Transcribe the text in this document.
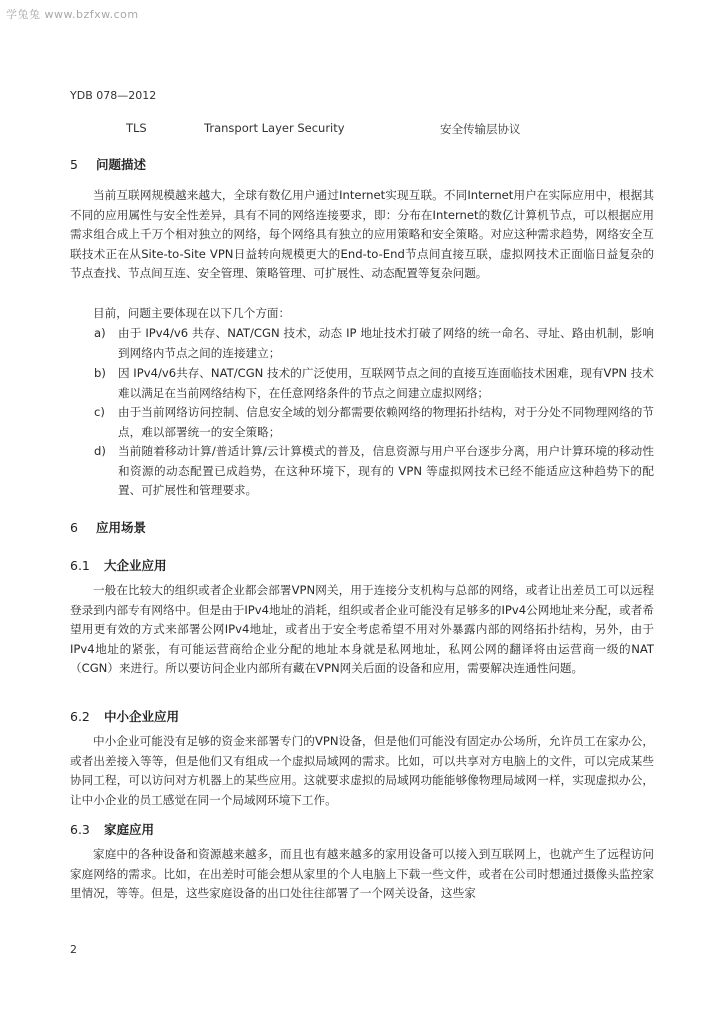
学兔兔 www.bzfxw.com
YDB 078—2012
TLS	Transport Layer Security	安全传输层协议
5 问题描述

当前互联网规模越来越大，全球有数亿用户通过Internet实现互联。不同Internet用户在实际应用中，根据其不同的应用属性与安全性差异，具有不同的网络连接要求，即：分布在Internet的数亿计算机节点，可以根据应用需求组合成上千万个相对独立的网络，每个网络具有独立的应用策略和安全策略。对应这种需求趋势，网络安全互联技术正在从Site-to-Site VPN日益转向规模更大的End-to-End节点间直接互联，虚拟网技术正面临日益复杂的节点查找、节点间互连、安全管理、策略管理、可扩展性、动态配置等复杂问题。

目前，问题主要体现在以下几个方面：

a) 由于 IPv4/v6 共存、NAT/CGN 技术，动态 IP 地址技术打破了网络的统一命名、寻址、路由机制，影响到网络内节点之间的连接建立；
b) 因 IPv4/v6共存、NAT/CGN 技术的广泛使用，互联网节点之间的直接互连面临技术困难，现有VPN 技术难以满足在当前网络结构下，在任意网络条件的节点之间建立虚拟网络；
c) 由于当前网络访问控制、信息安全域的划分都需要依赖网络的物理拓扑结构，对于分处不同物理网络的节点，难以部署统一的安全策略；
d) 当前随着移动计算/普适计算/云计算模式的普及，信息资源与用户平台逐步分离，用户计算环境的移动性和资源的动态配置已成趋势，在这种环境下，现有的 VPN 等虚拟网技术已经不能适应这种趋势下的配置、可扩展性和管理要求。
6 应用场景
6.1 大企业应用

一般在比较大的组织或者企业都会部署VPN网关，用于连接分支机构与总部的网络，或者让出差员工可以远程登录到内部专有网络中。但是由于IPv4地址的消耗，组织或者企业可能没有足够多的IPv4公网地址来分配，或者希望用更有效的方式来部署公网IPv4地址，或者出于安全考虑希望不用对外暴露内部的网络拓扑结构，另外，由于IPv4地址的紧张，有可能运营商给企业分配的地址本身就是私网地址，私网公网的翻译将由运营商一级的NAT（CGN）来进行。所以要访问企业内部所有藏在VPN网关后面的设备和应用，需要解决连通性问题。

6.2 中小企业应用

中小企业可能没有足够的资金来部署专门的VPN设备，但是他们可能没有固定办公场所，允许员工在家办公，或者出差接入等等，但是他们又有组成一个虚拟局域网的需求。比如，可以共享对方电脑上的文件，可以完成某些协同工程，可以访问对方机器上的某些应用。这就要求虚拟的局域网功能能够像物理局域网一样，实现虚拟办公，让中小企业的员工感觉在同一个局域网环境下工作。

6.3 家庭应用

家庭中的各种设备和资源越来越多，而且也有越来越多的家用设备可以接入到互联网上，也就产生了远程访问家庭网络的需求。比如，在出差时可能会想从家里的个人电脑上下载一些文件，或者在公司时想通过摄像头监控家里情况，等等。但是，这些家庭设备的出口处往往部署了一个网关设备，这些家

2
